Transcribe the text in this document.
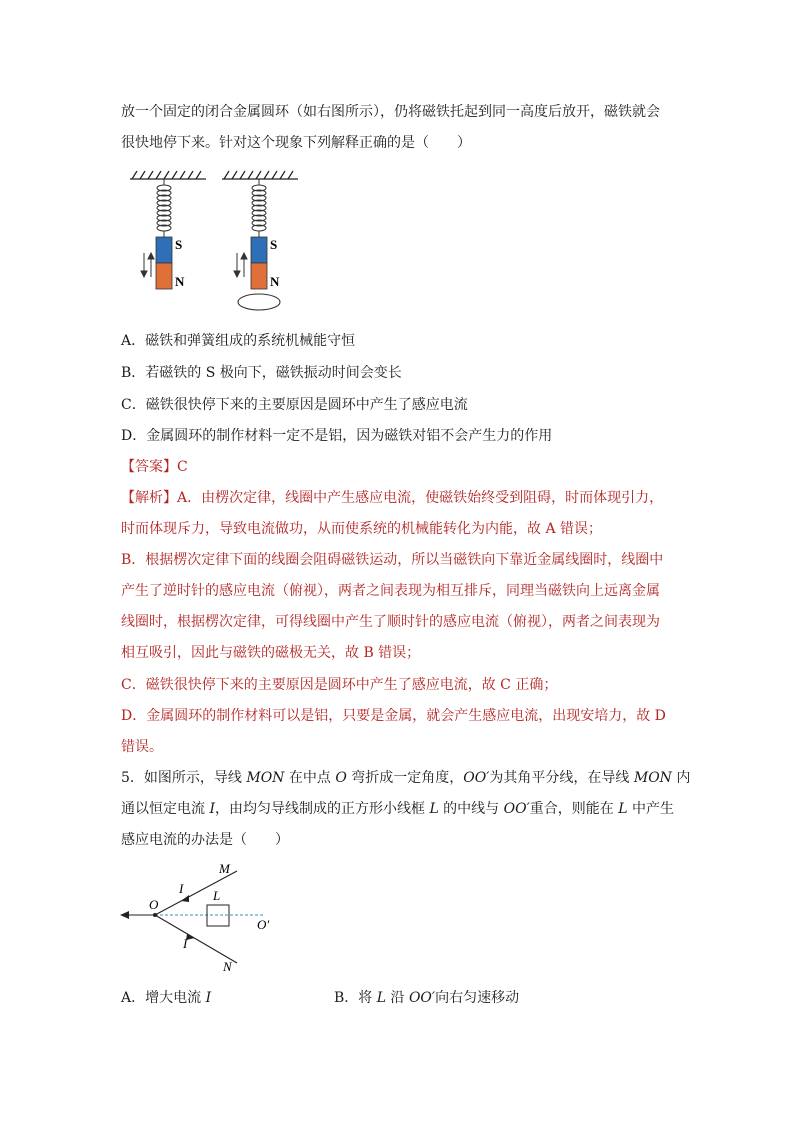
放一个固定的闭合金属圆环（如右图所示），仍将磁铁托起到同一高度后放开，磁铁就会
很快地停下来。针对这个现象下列解释正确的是（　　）
S
N
S
N
A．磁铁和弹簧组成的系统机械能守恒
B．若磁铁的 S 极向下，磁铁振动时间会变长
C．磁铁很快停下来的主要原因是圆环中产生了感应电流
D．金属圆环的制作材料一定不是铝，因为磁铁对铝不会产生力的作用
【答案】C
【解析】A．由楞次定律，线圈中产生感应电流，使磁铁始终受到阻碍，时而体现引力，
时而体现斥力，导致电流做功，从而使系统的机械能转化为内能，故 A 错误；
B．根据楞次定律下面的线圈会阻碍磁铁运动，所以当磁铁向下靠近金属线圈时，线圈中
产生了逆时针的感应电流（俯视），两者之间表现为相互排斥，同理当磁铁向上远离金属
线圈时，根据楞次定律，可得线圈中产生了顺时针的感应电流（俯视），两者之间表现为
相互吸引，因此与磁铁的磁极无关，故 B 错误；
C．磁铁很快停下来的主要原因是圆环中产生了感应电流，故 C 正确；
D．金属圆环的制作材料可以是铝，只要是金属，就会产生感应电流，出现安培力，故 D
错误。
5．如图所示，导线 MON 在中点 O 弯折成一定角度，OO′为其角平分线，在导线 MON 内
通以恒定电流 I，由均匀导线制成的正方形小线框 L 的中线与 OO′重合，则能在 L 中产生
感应电流的办法是（　　）
M
N
O
O′
L
I
I
A．增大电流 I	B．将 L 沿 OO′向右匀速移动
